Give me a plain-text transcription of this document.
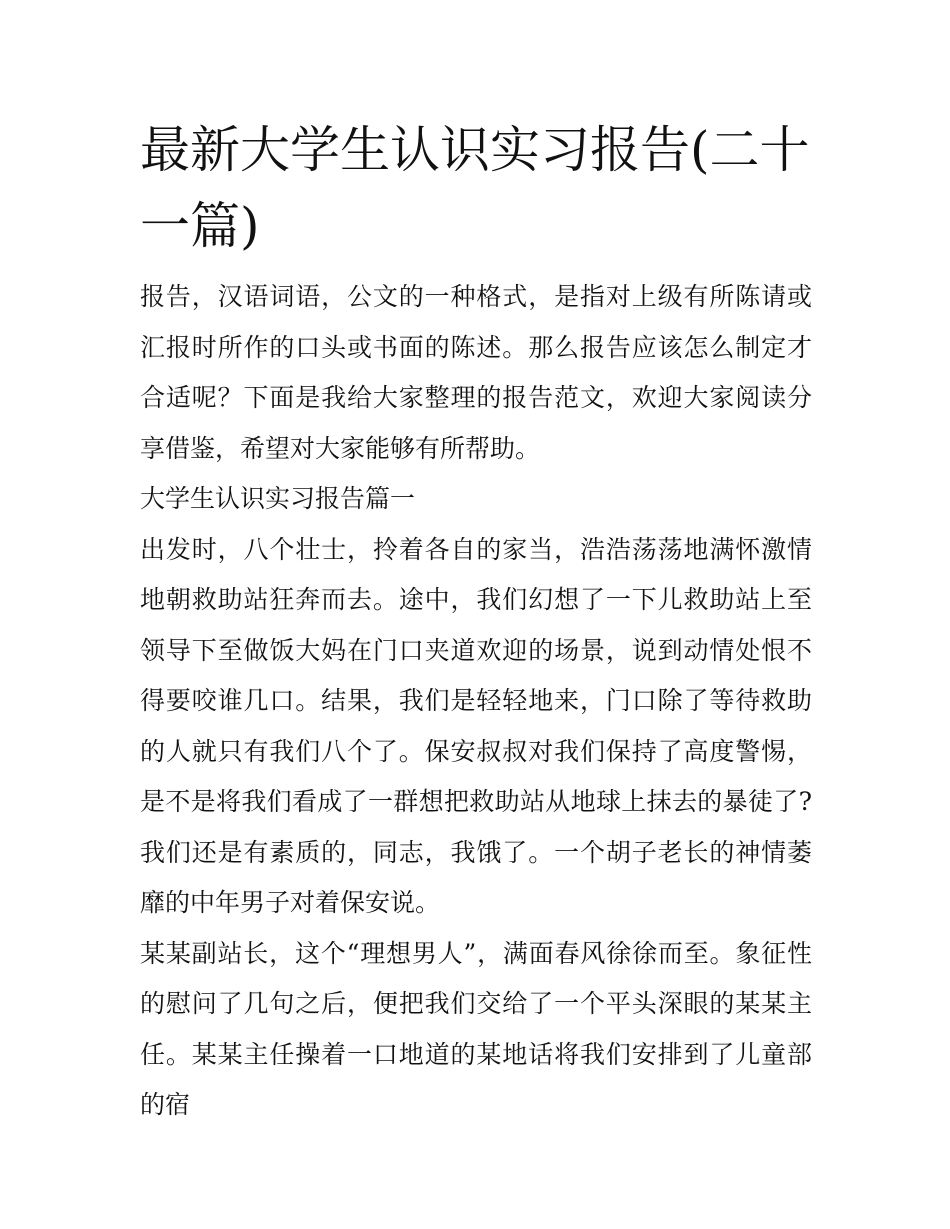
最新大学生认识实习报告(二十一篇)

报告，汉语词语，公文的一种格式，是指对上级有所陈请或汇报时所作的口头或书面的陈述。那么报告应该怎么制定才合适呢？下面是我给大家整理的报告范文，欢迎大家阅读分享借鉴，希望对大家能够有所帮助。

大学生认识实习报告篇一

出发时，八个壮士，拎着各自的家当，浩浩荡荡地满怀激情地朝救助站狂奔而去。途中，我们幻想了一下儿救助站上至领导下至做饭大妈在门口夹道欢迎的场景，说到动情处恨不得要咬谁几口。结果，我们是轻轻地来，门口除了等待救助的人就只有我们八个了。保安叔叔对我们保持了高度警惕，是不是将我们看成了一群想把救助站从地球上抹去的暴徒了?我们还是有素质的，同志，我饿了。一个胡子老长的神情萎靡的中年男子对着保安说。

某某副站长，这个“理想男人”，满面春风徐徐而至。象征性的慰问了几句之后，便把我们交给了一个平头深眼的某某主任。某某主任操着一口地道的某地话将我们安排到了儿童部的宿
